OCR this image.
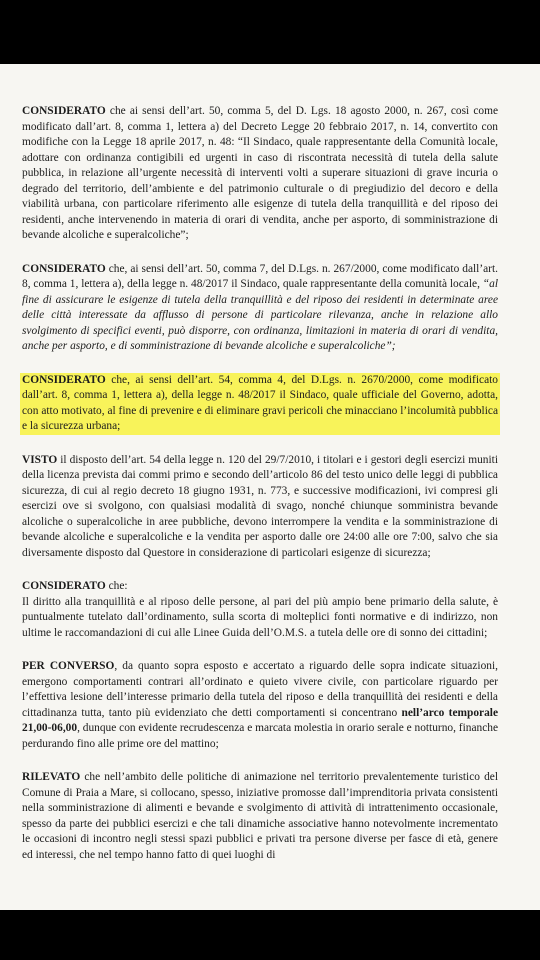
CONSIDERATO che ai sensi dell’art. 50, comma 5, del D. Lgs. 18 agosto 2000, n. 267, così come modificato dall’art. 8, comma 1, lettera a) del Decreto Legge 20 febbraio 2017, n. 14, convertito con modifiche con la Legge 18 aprile 2017, n. 48: “Il Sindaco, quale rappresentante della Comunità locale, adottare con ordinanza contigibili ed urgenti in caso di riscontrata necessità di tutela della salute pubblica, in relazione all’urgente necessità di interventi volti a superare situazioni di grave incuria o degrado del territorio, dell’ambiente e del patrimonio culturale o di pregiudizio del decoro e della viabilità urbana, con particolare riferimento alle esigenze di tutela della tranquillità e del riposo dei residenti, anche intervenendo in materia di orari di vendita, anche per asporto, di somministrazione di bevande alcoliche e superalcoliche”;

CONSIDERATO che, ai sensi dell’art. 50, comma 7, del D.Lgs. n. 267/2000, come modificato dall’art. 8, comma 1, lettera a), della legge n. 48/2017 il Sindaco, quale rappresentante della comunità locale, “al fine di assicurare le esigenze di tutela della tranquillità e del riposo dei residenti in determinate aree delle città interessate da afflusso di persone di particolare rilevanza, anche in relazione allo svolgimento di specifici eventi, può disporre, con ordinanza, limitazioni in materia di orari di vendita, anche per asporto, e di somministrazione di bevande alcoliche e superalcoliche”;

CONSIDERATO che, ai sensi dell’art. 54, comma 4, del D.Lgs. n. 2670/2000, come modificato dall’art. 8, comma 1, lettera a), della legge n. 48/2017 il Sindaco, quale ufficiale del Governo, adotta, con atto motivato, al fine di prevenire e di eliminare gravi pericoli che minacciano l’incolumità pubblica e la sicurezza urbana;

VISTO il disposto dell’art. 54 della legge n. 120 del 29/7/2010, i titolari e i gestori degli esercizi muniti della licenza prevista dai commi primo e secondo dell’articolo 86 del testo unico delle leggi di pubblica sicurezza, di cui al regio decreto 18 giugno 1931, n. 773, e successive modificazioni, ivi compresi gli esercizi ove si svolgono, con qualsiasi modalità di svago, nonché chiunque somministra bevande alcoliche o superalcoliche in aree pubbliche, devono interrompere la vendita e la somministrazione di bevande alcoliche e superalcoliche e la vendita per asporto dalle ore 24:00 alle ore 7:00, salvo che sia diversamente disposto dal Questore in considerazione di particolari esigenze di sicurezza;

CONSIDERATO che:
Il diritto alla tranquillità e al riposo delle persone, al pari del più ampio bene primario della salute, è puntualmente tutelato dall’ordinamento, sulla scorta di molteplici fonti normative e di indirizzo, non ultime le raccomandazioni di cui alle Linee Guida dell’O.M.S. a tutela delle ore di sonno dei cittadini;

PER CONVERSO, da quanto sopra esposto e accertato a riguardo delle sopra indicate situazioni, emergono comportamenti contrari all’ordinato e quieto vivere civile, con particolare riguardo per l’effettiva lesione dell’interesse primario della tutela del riposo e della tranquillità dei residenti e della cittadinanza tutta, tanto più evidenziato che detti comportamenti si concentrano nell’arco temporale 21,00-06,00, dunque con evidente recrudescenza e marcata molestia in orario serale e notturno, finanche perdurando fino alle prime ore del mattino;

RILEVATO che nell’ambito delle politiche di animazione nel territorio prevalentemente turistico del Comune di Praia a Mare, si collocano, spesso, iniziative promosse dall’imprenditoria privata consistenti nella somministrazione di alimenti e bevande e svolgimento di attività di intrattenimento occasionale, spesso da parte dei pubblici esercizi e che tali dinamiche associative hanno notevolmente incrementato le occasioni di incontro negli stessi spazi pubblici e privati tra persone diverse per fasce di età, genere ed interessi, che nel tempo hanno fatto di quei luoghi di
